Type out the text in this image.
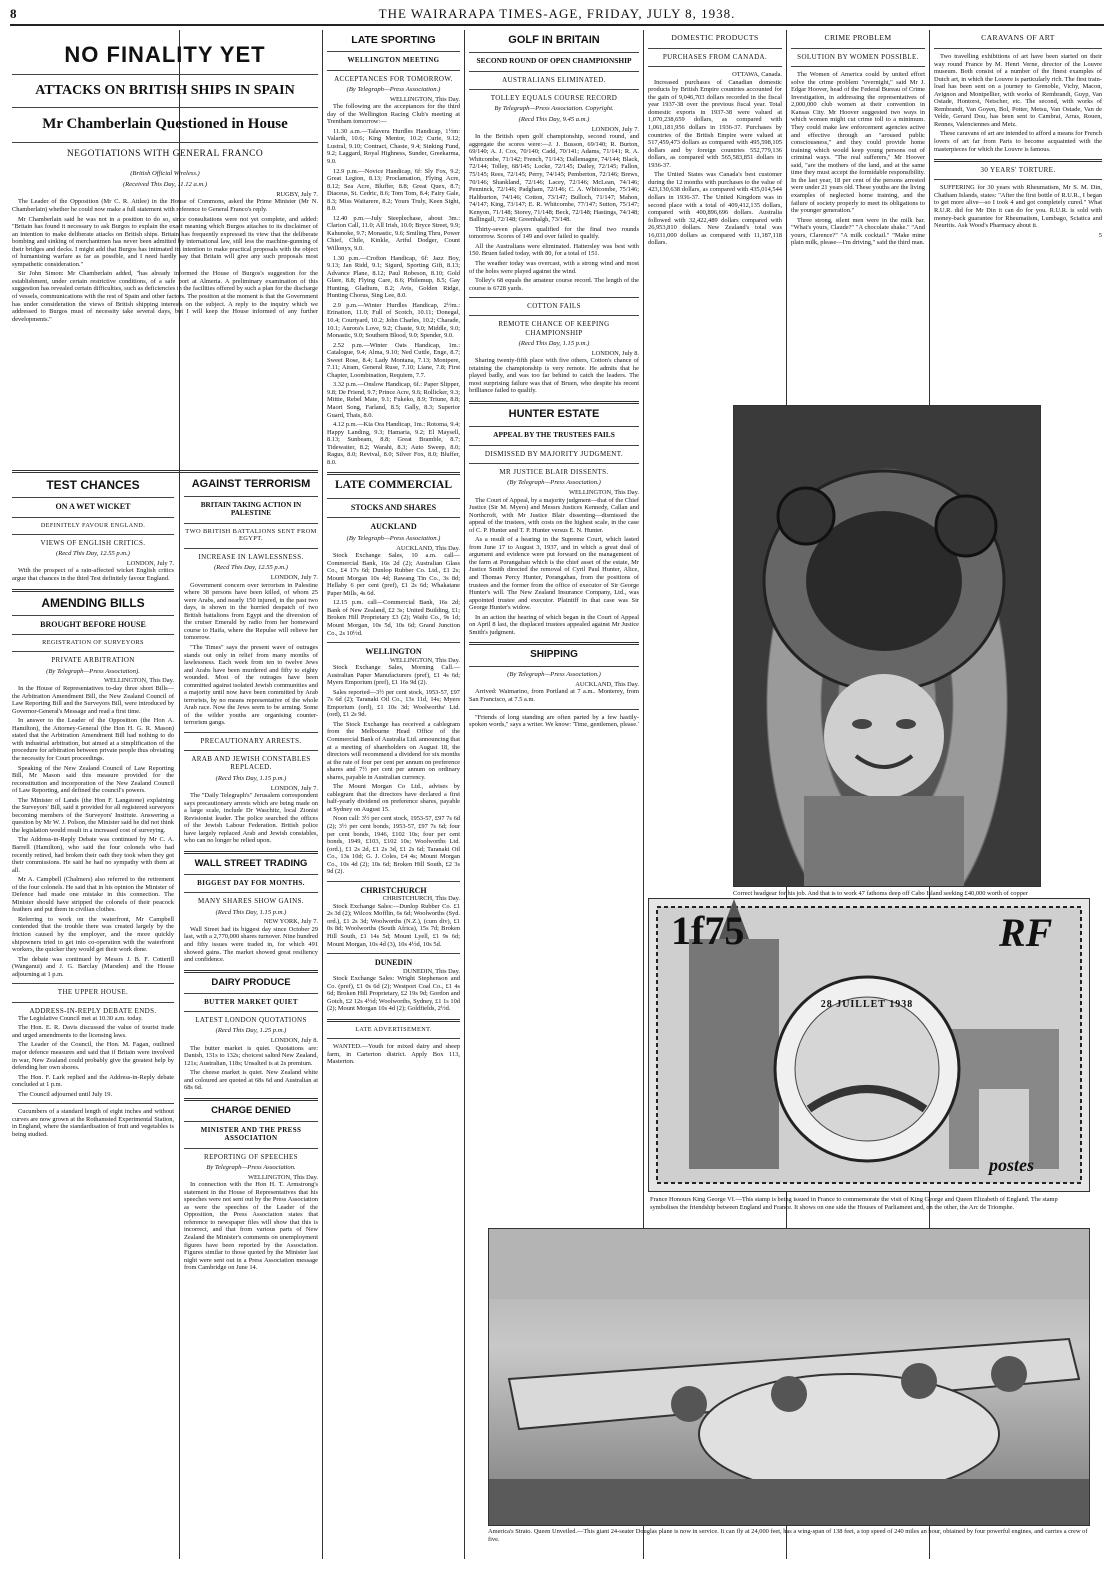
8	THE WAIRARAPA TIMES-AGE, FRIDAY, JULY 8, 1938.
NO FINALITY YET
ATTACKS ON BRITISH SHIPS IN SPAIN
Mr Chamberlain Questioned in House
NEGOTIATIONS WITH GENERAL FRANCO
(British Official Wireless.)
(Received This Day, 11.12 a.m.)
RUGBY, July 7.

The Leader of the Opposition (Mr C. R. Attlee) in the House of Commons, asked the Prime Minister (Mr N. Chamberlain) whether he could now make a full statement with reference to General Franco's reply.

Mr Chamberlain said he was not in a position to do so, since consultations were not yet complete, and added: "Britain has found it necessary to ask Burgos to explain the exact meaning which Burgos attaches to its disclaimer of an intention to make deliberate attacks on British ships. Britain has frequently expressed its view that the deliberate bombing and sinking of merchantmen has never been admitted by international law, still less the machine-gunning of their bridges and decks. I might add that Burgos has intimated its intention to make practical proposals with the object of humanising warfare as far as possible, and I need hardly say that Britain will give any such proposals most sympathetic consideration."

Sir John Simon: Mr Chamberlain added, "has already informed the House of Burgos's suggestion for the establishment, under certain restrictive conditions, of a safe port at Almeria. A preliminary examination of this suggestion has revealed certain difficulties, such as deficiencies in the facilities offered by such a plan for the discharge of vessels, communications with the rest of Spain and other factors. The position at the moment is that the Government has under consideration the views of British shipping interests on the subject. A reply to the inquiry which we addressed to Burgos must of necessity take several days, but I will keep the House informed of any further developments."

TEST CHANCES
ON A WET WICKET
DEFINITELY FAVOUR ENGLAND.
VIEWS OF ENGLISH CRITICS.
(Recd This Day, 12.55 p.m.)
LONDON, July 7.

With the prospect of a rain-affected wicket English critics argue that chances in the third Test definitely favour England.

AMENDING BILLS
BROUGHT BEFORE HOUSE
REGISTRATION OF SURVEYORS
PRIVATE ARBITRATION
(By Telegraph—Press Association).
WELLINGTON, This Day.

In the House of Representatives to-day three short Bills—the Arbitration Amendment Bill, the New Zealand Council of Law Reporting Bill and the Surveyors Bill, were introduced by Governor-General's Message and read a first time.

In answer to the Leader of the Opposition (the Hon A. Hamilton), the Attorney-General (the Hon H. G. R. Mason) stated that the Arbitration Amendment Bill had nothing to do with industrial arbitration, but aimed at a simplification of the procedure for arbitration between private people thus obviating the necessity for Court proceedings.

Speaking of the New Zealand Council of Law Reporting Bill, Mr Mason said this measure provided for the reconstitution and incorporation of the New Zealand Council of Law Reporting, and defined the council's powers.

The Minister of Lands (the Hon F. Langstone) explaining the Surveyors' Bill, said it provided for all registered surveyors becoming members of the Surveyors' Institute. Answering a question by Mr W. J. Polson, the Minister said he did not think the legislation would result in a increased cost of surveying.

The Address-in-Reply Debate was continued by Mr C. A. Barrell (Hamilton), who said the four colonels who had recently retired, had broken their oath they took when they got their commissions. He said he had no sympathy with them at all.

Mr A. Campbell (Chalmers) also referred to the retirement of the four colonels. He said that in his opinion the Minister of Defence had made one mistake in this connection. The Minister should have stripped the colonels of their peacock feathers and put them in civilian clothes.

Referring to work on the waterfront, Mr Campbell contended that the trouble there was created largely by the friction caused by the employer, and the more quickly shipowners tried to get into co-operation with the waterfront workers, the quicker they would get their work done.

The debate was continued by Messrs J. B. F. Cotterill (Wanganui) and J. G. Barclay (Marsden) and the House adjourning at 1 p.m.

THE UPPER HOUSE.
ADDRESS-IN-REPLY DEBATE ENDS.

The Legislative Council met at 10.30 a.m. today.

The Hon. E. R. Davis discussed the value of tourist trade and urged amendments to the licensing laws.

The Leader of the Council, the Hon. M. Fagan, outlined major defence measures and said that if Britain were involved in war, New Zealand could probably give the greatest help by defending her own shores.

The Hon. F. Lark replied and the Address-in-Reply debate concluded at 1 p.m.

The Council adjourned until July 19.

Cucumbers of a standard length of eight inches and without curves are now grown at the Rothamsted Experimental Station, in England, where the standardisation of fruit and vegetables is being studied.

AGAINST TERRORISM
BRITAIN TAKING ACTION IN PALESTINE
TWO BRITISH BATTALIONS SENT FROM EGYPT.
INCREASE IN LAWLESSNESS.
(Recd This Day, 12.55 p.m.)
LONDON, July 7.

Government concern over terrorism in Palestine where 38 persons have been killed, of whom 25 were Arabs, and nearly 150 injured, in the past two days, is shown in the hurried despatch of two British battalions from Egypt and the diversion of the cruiser Emerald by radio from her homeward course to Haifa, where the Repulse will relieve her tomorrow.

"The Times" says the present wave of outrages stands out only in relief from many months of lawlessness. Each week from ten to twelve Jews and Arabs have been murdered and fifty to eighty wounded. Most of the outrages have been committed against isolated Jewish communities and a majority until now have been committed by Arab terrorists, by no means representative of the whole Arab race. Now the Jews seem to be arming. Some of the wilder youths are organising counter-terrorism gangs.

PRECAUTIONARY ARRESTS.
ARAB AND JEWISH CONSTABLES REPLACED.
(Recd This Day, 1.15 p.m.)
LONDON, July 7.

The "Daily Telegraph's" Jerusalem correspondent says precautionary arrests which are being made on a large scale, include Dr Waschitz, local Zionist Revisionist leader. The police searched the offices of the Jewish Labour Federation. British police have largely replaced Arab and Jewish constables, who can no longer be relied upon.

WALL STREET TRADING
BIGGEST DAY FOR MONTHS.
MANY SHARES SHOW GAINS.
(Recd This Day, 1.15 p.m.)
NEW YORK, July 7.

Wall Street had its biggest day since October 29 last, with a 2,770,000 shares turnover. Nine hundred and fifty issues were traded in, for which 491 showed gains. The market showed great resiliency and confidence.

DAIRY PRODUCE
BUTTER MARKET QUIET
LATEST LONDON QUOTATIONS
(Recd This Day, 1.25 p.m.)
LONDON, July 8.

The butter market is quiet. Quotations are: Danish, 131s to 132s; choicest salted New Zealand, 121s; Australian, 118s; Unsalted is at 2s premium.

The cheese market is quiet. New Zealand white and coloured are quoted at 68s 6d and Australian at 68s 6d.

CHARGE DENIED
MINISTER AND THE PRESS ASSOCIATION
REPORTING OF SPEECHES
By Telegraph—Press Association.
WELLINGTON, This Day.

In connection with the Hon H. T. Armstrong's statement in the House of Representatives that his speeches were not sent out by the Press Association as were the speeches of the Leader of the Opposition, the Press Association states that reference to newspaper files will show that this is incorrect, and that from various parts of New Zealand the Minister's comments on unemployment figures have been reported by the Association. Figures similar to those quoted by the Minister last night were sent out in a Press Association message from Cambridge on June 14.

LATE SPORTING
WELLINGTON MEETING
ACCEPTANCES FOR TOMORROW.
(By Telegraph—Press Association.)
WELLINGTON, This Day.

The following are the acceptances for the third day of the Wellington Racing Club's meeting at Trentham tomorrow:—

11.30 a.m.—Talavera Hurdles Handicap, 1½m: Valarth, 10.6; King Mentor, 10.2; Curie, 9.12; Lustral, 9.10; Contract, Chaste, 9.4; Sinking Fund, 9.2; Laggard, Royal Highness, Sunder, Greekarma, 9.0.

12.9 p.m.—Novice Handicap, 6f: Sly Fox, 9.2; Great Legion, 8.13; Proclamation, Flying Acre, 8.12; Sea Acre, Bluffer, 8.8; Great Quex, 8.7; Diaceus, St. Cedric, 8.6; Tom Tom, 8.4; Fairy Gale, 8.3; Miss Waitarere, 8.2; Yours Truly, Keen Sight, 8.0.

12.40 p.m.—July Steeplechase, about 3m.: Clarion Call, 11.0; All Irish, 10.0; Bryce Street, 9.9; Kahunoke, 9.7; Monastic, 9.6; Smiling Thru, Power Chief, Chile, Kinkle, Artful Dodger, Count Willonyx, 9.0.

1.30 p.m.—Crofton Handicap, 6f: Jazz Boy, 9.13; Jan Ridd, 9.1; Sigurd, Sporting Gift, 8.13; Advance Plane, 8.12; Paul Robeson, 8.10; Gold Glare, 8.8; Flying Care, 8.6; Philemup, 8.5; Gay Hunting, Gladium, 8.2; Avis, Golden Ridge, Hunting Chorus, Sing Lee, 8.0.

2.9 p.m.—Winter Hurdles Handicap, 2½m.: Erination, 11.0; Full of Scotch, 10.11; Donegal, 10.4; Courtyard, 10.2; John Charles, 10.2; Charade, 10.1; Aurora's Love, 9.2; Chaste, 9.0; Middle, 9.0; Monastic, 9.0; Southern Blood, 9.0; Spender, 9.0.

2.52 p.m.—Winter Oats Handicap, 1m.: Catalogue, 9.4; Alma, 9.10; Ned Cuttle, Enge, 8.7; Sweet Rose, 8.4; Lady Montana, 7.13; Monipere, 7.11; Airam, General Ruse, 7.10; Liane, 7.8; First Chapter, Loombination, Requiem, 7.7.

3.32 p.m.—Onslow Handicap, 6f.: Paper Slipper, 9.8; De Friend, 9.7; Prince Acre, 9.6; Rollicker, 9.3; Mittie, Rebel Mate, 9.1; Fukeko, 8.9; Triune, 8.8; Maori Song, Farland, 8.5; Gally, 8.3; Superior Guard, Thais, 8.0.

4.12 p.m.—Kia Ora Handicap, 1m.: Rotoma, 9.4; Happy Landing, 9.3; Hamaria, 9.2; El Maysell, 8.13; Sunbeam, 8.8; Great Bramble, 8.7; Tidewaiter, 8.2; Warahi, 8.3; Auto Sweep, 8.0; Ragus, 8.0; Revival, 8.0; Silver Fox, 8.0; Bluffer, 8.0.

LATE COMMERCIAL
STOCKS AND SHARES
AUCKLAND
(By Telegraph—Press Association.)
AUCKLAND, This Day.

Stock Exchange Sales, 10 a.m. call—Commercial Bank, 16s 2d (2); Australian Glass Co., £4 17s 6d; Dunlop Rubber Co. Ltd., £1 2s; Mount Morgan 10s 4d; Rawang Tin Co., 3s 8d; Hellaby 6 per cent (pref), £1 2s 6d; Whakatane Paper Mills, 4s 6d.

12.15 p.m. call—Commercial Bank, 16s 2d; Bank of New Zealand, £2 3s; United Building, £1; Broken Hill Proprietary £3 (2); Waihi Co., 9s 1d; Mount Morgan, 10s 5d, 10s 6d; Grand Junction Co., 2s 10½d.

WELLINGTON
WELLINGTON, This Day.

Stock Exchange Sales, Morning Call.—Australian Paper Manufacturers (pref), £1 4s 6d; Myers Emporium (pref), £1 16s 9d (2).

Sales reported—3½ per cent stock, 1953-57, £97 7s 6d (2); Taranaki Oil Co., 13s 11d, 14s; Myers Emporium (ord), £1 10s 3d; Woolworths' Ltd. (ord), £1 2s 9d.

The Stock Exchange has received a cablegram from the Melbourne Head Office of the Commercial Bank of Australia Ltd. announcing that at a meeting of shareholders on August 18, the directors will recommend a dividend for six months at the rate of four per cent per annum on preference shares and 7½ per cent per annum on ordinary shares, payable in Australian currency.

The Mount Morgan Co Ltd., advises by cablegram that the directors have declared a first half-yearly dividend on preference shares, payable at Sydney on August 15.

Noon call: 3½ per cent stock, 1953-57, £97 7s 6d (2); 3½ per cent bonds, 1953-57, £97 7s 6d; four per cent bonds, 1946, £102 10s; four per cent bonds, 1949, £103, £102 10s; Woolworths Ltd. (ord.), £1 2s 2d, £1 2s 3d, £1 2s 6d; Taranaki Oil Co., 13s 10d; G. J. Coles, £4 4s; Mount Morgan Co., 10s 4d (2); 10s 6d; Broken Hill South, £2 3s 9d (2).

CHRISTCHURCH
CHRISTCHURCH, This Day.

Stock Exchange Sales:—Dunlop Rubber Co. £1 2s 3d (2); Wilcox Mofflin, 6s 6d; Woolworths (Syd. ord.), £1 2s 3d; Woolworths (N.Z.), (cum div), £1 0s 8d; Woolworths (South Africa), 15s 7d; Broken Hill South, £1 14s 5d; Mount Lyell, £1 9s 6d; Mount Morgan, 10s 4d (3), 10s 4½d, 10s 5d.

DUNEDIN
DUNEDIN, This Day.

Stock Exchange Sales: Wright Stephenson and Co. (pref), £1 0s 6d (2); Westport Coal Co., £1 4s 6d; Broken Hill Proprietary, £2 19s 9d; Gordon and Gotch, £2 12s 4½d; Woolworths, Sydney, £1 1s 10d (2); Mount Morgan 10s 4d (2); Goldfields, 2½d.

LATE ADVERTISEMENT.

WANTED.—Youth for mixed dairy and sheep farm, in Carterton district. Apply Box 113, Masterton.

GOLF IN BRITAIN
SECOND ROUND OF OPEN CHAMPIONSHIP
AUSTRALIANS ELIMINATED.
TOLLEY EQUALS COURSE RECORD
By Telegraph—Press Association. Copyright.
(Recd This Day, 9.45 a.m.)
LONDON, July 7.

In the British open golf championship, second round, and aggregate the scores were:—J. J. Busson, 69/140; R. Burton, 69/140; A. J. Cox, 70/140; Cadd, 70/141; Adams, 71/141; R. A. Whitcombe, 71/142; French, 71/143; Dallemagne, 74/144; Black, 72/144; Tolley, 68/145; Locke, 72/145; Dailey, 72/145; Fallon, 75/145; Rees, 72/145; Perry, 74/145; Pemberton, 72/146; Brews, 70/146; Shankland, 72/146; Lacey, 72/146; McLean, 74/146; Penninck, 72/146; Padgham, 72/146; C. A. Whitcombe, 75/146; Haliburton, 74/146; Cotton, 73/147; Bulloch, 71/147; Mahon, 74/147; King, 73/147; E. R. Whitcombe, 77/147; Sutton, 75/147; Kenyon, 71/148; Storey, 71/148; Beck, 72/148; Hastings, 74/148; Ballingall, 72/148; Greenhalgh, 73/148.

Thirty-seven players qualified for the final two rounds tomorrow. Scores of 149 and over failed to qualify.

All the Australians were eliminated. Hattersley was best with 150. Bruen failed today, with 80, for a total of 151.

The weather today was overcast, with a strong wind and most of the holes were played against the wind.

Tolley's 68 equals the amateur course record. The length of the course is 6728 yards.

COTTON FAILS
REMOTE CHANCE OF KEEPING CHAMPIONSHIP
(Recd This Day, 1.15 p.m.)
LONDON, July 8.

Sharing twenty-fifth place with five others, Cotton's chance of retaining the championship is very remote. He admits that he played badly, and was too far behind to catch the leaders. The most surprising failure was that of Bruen, who despite his recent brilliance failed to qualify.

HUNTER ESTATE
APPEAL BY THE TRUSTEES FAILS
DISMISSED BY MAJORITY JUDGMENT.
MR JUSTICE BLAIR DISSENTS.
(By Telegraph—Press Association.)
WELLINGTON, This Day.

The Court of Appeal, by a majority judgment—that of the Chief Justice (Sir M. Myers) and Messrs Justices Kennedy, Callan and Northcroft, with Mr Justice Blair dissenting—dismissed the appeal of the trustees, with costs on the highest scale, in the case of C. P. Hunter and T. P. Hunter versus E. N. Hunter.

As a result of a hearing in the Supreme Court, which lasted from June 17 to August 3, 1937, and in which a great deal of argument and evidence were put forward on the management of the farm at Porangahau which is the chief asset of the estate, Mr Justice Smith directed the removal of Cyril Paul Hunter, Alice, and Thomas Percy Hunter, Porangahau, from the positions of trustees and the former from the office of executor of Sir George Hunter's will. The New Zealand Insurance Company, Ltd., was appointed trustee and executor. Plaintiff in that case was Sir George Hunter's widow.

In an action the hearing of which began in the Court of Appeal on April 8 last, the displaced trustees appealed against Mr Justice Smith's judgment.

SHIPPING
(By Telegraph—Press Association.)
AUCKLAND, This Day.

Arrived: Waimarino, from Portland at 7 a.m.. Monterey, from San Francisco, at 7.5 a.m.

"Friends of long standing are often parted by a few hastily-spoken words," says a writer. We know: 'Time, gentlemen, please.'

DOMESTIC PRODUCTS
PURCHASES FROM CANADA.
OTTAWA, Canada.

Increased purchases of Canadian domestic products by British Empire countries accounted for the gain of 9,046,703 dollars recorded in the fiscal year 1937-38 over the previous fiscal year. Total domestic exports in 1937-38 were valued at 1,070,238,659 dollars, as compared with 1,061,181,956 dollars in 1936-37. Purchases by countries of the British Empire were valued at 517,459,473 dollars as compared with 495,598,105 dollars and by foreign countries 552,779,136 dollars, as compared with 565,583,851 dollars in 1936-37.

The United States was Canada's best customer during the 12 months with purchases to the value of 423,130,638 dollars, as compared with 435,014,544 dollars in 1936-37. The United Kingdom was in second place with a total of 409,412,135 dollars, compared with 400,896,696 dollars. Australia followed with 32,422,489 dollars compared with 26,953,810 dollars. New Zealand's total was 16,031,000 dollars as compared with 11,187,118 dollars.

CRIME PROBLEM
SOLUTION BY WOMEN POSSIBLE.

The Women of America could by united effort solve the crime problem "overnight," said Mr J. Edgar Hoover, head of the Federal Bureau of Crime Investigation, in addressing the representatives of 2,000,000 club women at their convention in Kansas City. Mr Hoover suggested two ways in which women might cut crime toll to a minimum. They could make law enforcement agencies active and effective through an "aroused public consciousness," and they could provide home training which would keep young persons out of criminal ways. "The real sufferers," Mr Hoover said, "are the mothers of the land, and at the same time they must accept the formidable responsibility. In the last year, 18 per cent of the persons arrested were under 21 years old. These youths are the living examples of neglected home training, and the failure of society properly to meet its obligations to the younger generation."

Three strong, silent men were in the milk bar. "What's yours, Claude?" "A chocolate shake." "And yours, Clarence?" "A milk cocktail." "Make mine plain milk, please—I'm driving," said the third man.

CARAVANS OF ART

Two travelling exhibitions of art have been started on their way round France by M. Henri Verne, director of the Louvre museum. Both consist of a number of the finest examples of Dutch art, in which the Louvre is particularly rich. The first train-load has been sent on a journey to Grenoble, Vichy, Macon, Avignon and Montpellier, with works of Rembrandt, Guyp, Van Ostade, Hontorst, Netscher, etc. The second, with works of Rembrandt, Van Goyen, Bol, Potter, Metsu, Van Ostade, Van de Velde, Gerard Dou, has been sent to Cambrai, Arras, Rouen, Rennes, Valenciennes and Metz.

These caravans of art are intended to afford a means for French lovers of art far from Paris to become acquainted with the masterpieces for which the Louvre is famous.

30 YEARS' TORTURE.

SUFFERING for 30 years with Rheumatism, Mr S. M. Din, Chatham Islands, states: "After the first bottle of R.U.R., I began to get more alive—so I took 4 and got completely cured." What R.U.R. did for Mr Din it can do for you. R.U.R. is sold with money-back guarantee for Rheumatism, Lumbago, Sciatica and Neuritis. Ask Wood's Pharmacy about it.

5
Correct headgear for his job. And that is to work 47 fathoms deep off Cabo Island seeking £40,000 worth of copper
1f75	RF
28 JUILLET 1938
postes
France Honours King George VI.—This stamp is being issued in France to commemorate the visit of King George and Queen Elizabeth of England. The stamp symbolises the friendship between England and France. It shows on one side the Houses of Parliament and, on the other, the Arc de Triomphe.
America's Strato. Queen Unveiled.—This giant 24-seater Douglas plane is now in service. It can fly at 24,000 feet, has a wing-span of 138 feet, a top speed of 240 miles an hour, obtained by four powerful engines, and carries a crew of five.
